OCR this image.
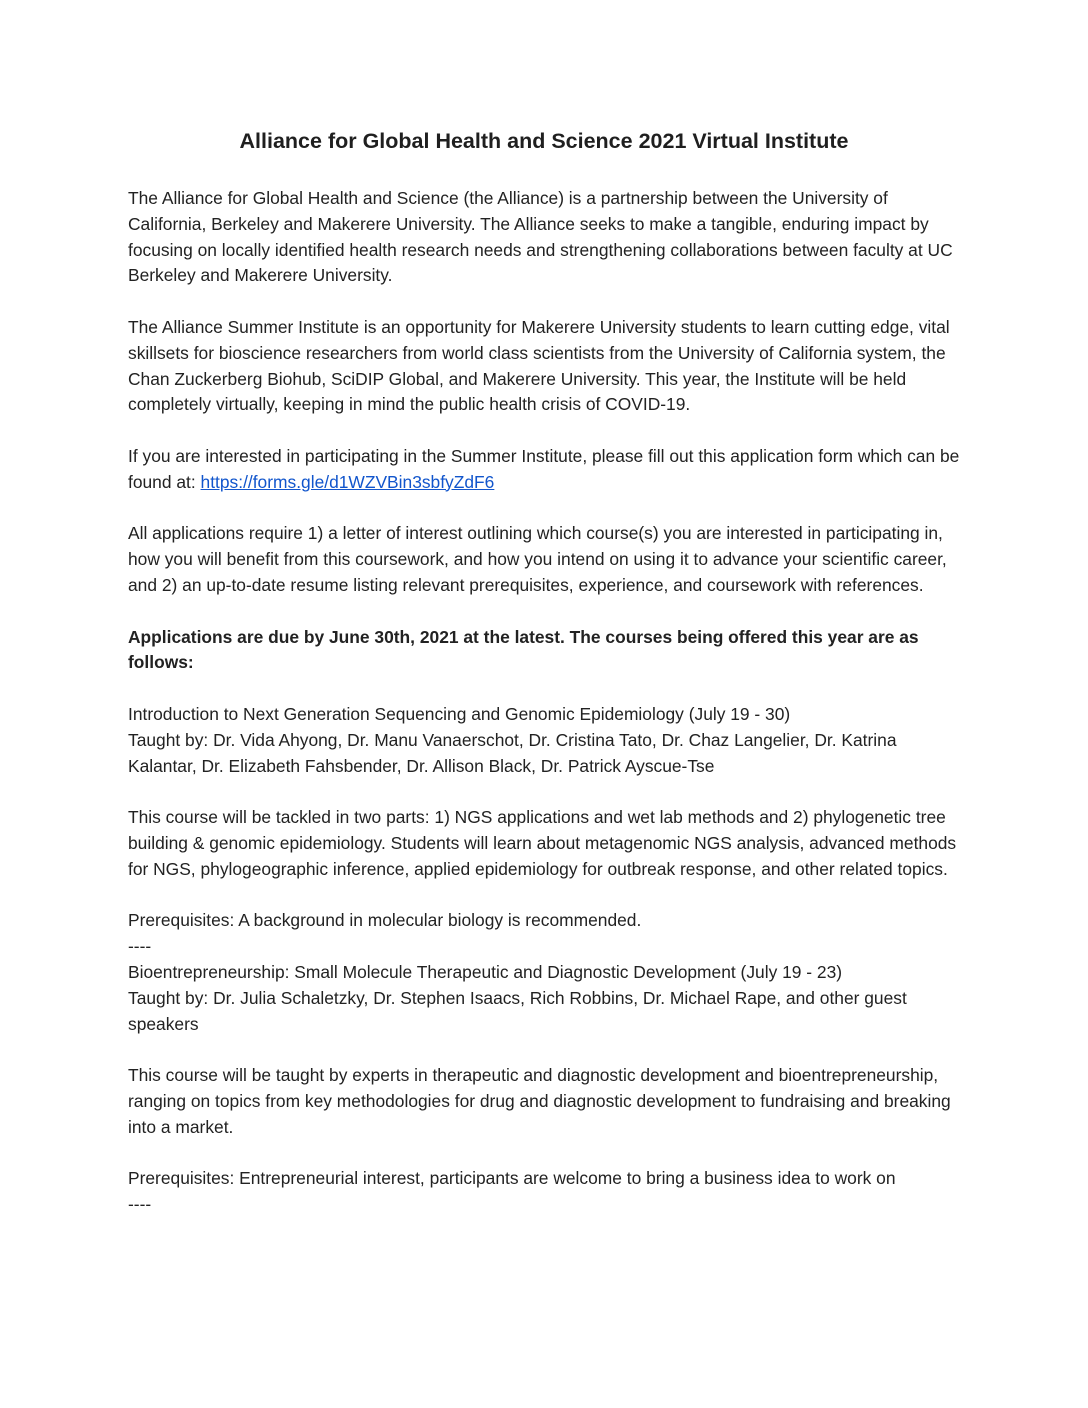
Alliance for Global Health and Science 2021 Virtual Institute

The Alliance for Global Health and Science (the Alliance) is a partnership between the University of California, Berkeley and Makerere University. The Alliance seeks to make a tangible, enduring impact by focusing on locally identified health research needs and strengthening collaborations between faculty at UC Berkeley and Makerere University.

The Alliance Summer Institute is an opportunity for Makerere University students to learn cutting edge, vital skillsets for bioscience researchers from world class scientists from the University of California system, the Chan Zuckerberg Biohub, SciDIP Global, and Makerere University. This year, the Institute will be held completely virtually, keeping in mind the public health crisis of COVID-19.

If you are interested in participating in the Summer Institute, please fill out this application form which can be found at: https://forms.gle/d1WZVBin3sbfyZdF6

All applications require 1) a letter of interest outlining which course(s) you are interested in participating in, how you will benefit from this coursework, and how you intend on using it to advance your scientific career, and 2) an up-to-date resume listing relevant prerequisites, experience, and coursework with references.

Applications are due by June 30th, 2021 at the latest. The courses being offered this year are as follows:

Introduction to Next Generation Sequencing and Genomic Epidemiology (July 19 - 30)
Taught by: Dr. Vida Ahyong, Dr. Manu Vanaerschot, Dr. Cristina Tato, Dr. Chaz Langelier, Dr. Katrina Kalantar, Dr. Elizabeth Fahsbender, Dr. Allison Black, Dr. Patrick Ayscue-Tse

This course will be tackled in two parts: 1) NGS applications and wet lab methods and 2) phylogenetic tree building & genomic epidemiology. Students will learn about metagenomic NGS analysis, advanced methods for NGS, phylogeographic inference, applied epidemiology for outbreak response, and other related topics.

Prerequisites: A background in molecular biology is recommended.

----

Bioentrepreneurship: Small Molecule Therapeutic and Diagnostic Development (July 19 - 23)
Taught by: Dr. Julia Schaletzky, Dr. Stephen Isaacs, Rich Robbins, Dr. Michael Rape, and other guest speakers

This course will be taught by experts in therapeutic and diagnostic development and bioentrepreneurship, ranging on topics from key methodologies for drug and diagnostic development to fundraising and breaking into a market.

Prerequisites: Entrepreneurial interest, participants are welcome to bring a business idea to work on

----
